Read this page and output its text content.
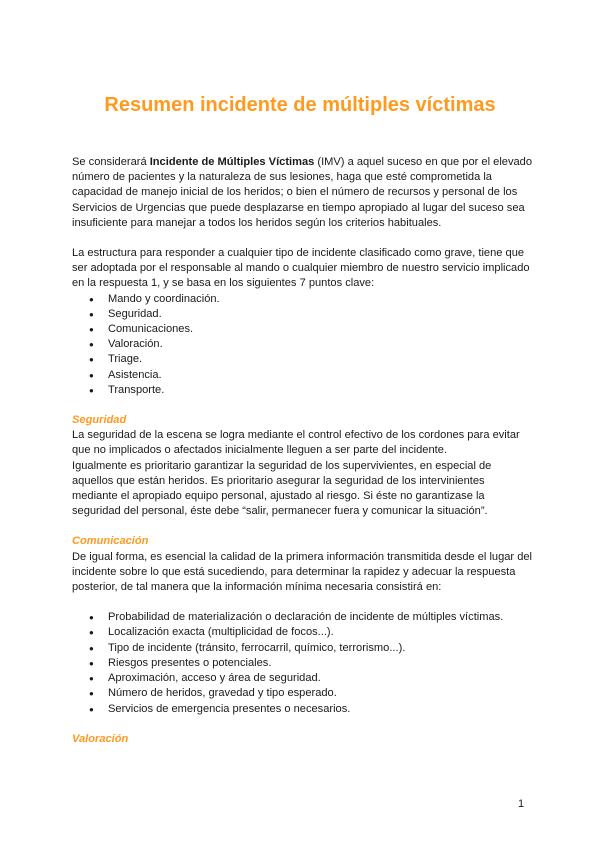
Resumen incidente de múltiples víctimas

Se considerará Incidente de Múltiples Víctimas (IMV) a aquel suceso en que por el elevado número de pacientes y la naturaleza de sus lesiones, haga que esté comprometida la capacidad de manejo inicial de los heridos; o bien el número de recursos y personal de los Servicios de Urgencias que puede desplazarse en tiempo apropiado al lugar del suceso sea insuficiente para manejar a todos los heridos según los criterios habituales.

La estructura para responder a cualquier tipo de incidente clasificado como grave, tiene que ser adoptada por el responsable al mando o cualquier miembro de nuestro servicio implicado en la respuesta 1, y se basa en los siguientes 7 puntos clave:

● Mando y coordinación.
● Seguridad.
● Comunicaciones.
● Valoración.
● Triage.
● Asistencia.
● Transporte.

Seguridad

La seguridad de la escena se logra mediante el control efectivo de los cordones para evitar que no implicados o afectados inicialmente lleguen a ser parte del incidente.

Igualmente es prioritario garantizar la seguridad de los supervivientes, en especial de aquellos que están heridos. Es prioritario asegurar la seguridad de los intervinientes mediante el apropiado equipo personal, ajustado al riesgo. Si éste no garantizase la seguridad del personal, éste debe “salir, permanecer fuera y comunicar la situación”.

Comunicación

De igual forma, es esencial la calidad de la primera información transmitida desde el lugar del incidente sobre lo que está sucediendo, para determinar la rapidez y adecuar la respuesta posterior, de tal manera que la información mínima necesaria consistirá en:

● Probabilidad de materialización o declaración de incidente de múltiples víctimas.
● Localización exacta (multiplicidad de focos...).
● Tipo de incidente (tránsito, ferrocarril, químico, terrorismo...).
● Riesgos presentes o potenciales.
● Aproximación, acceso y área de seguridad.
● Número de heridos, gravedad y tipo esperado.
● Servicios de emergencia presentes o necesarios.

Valoración

1
